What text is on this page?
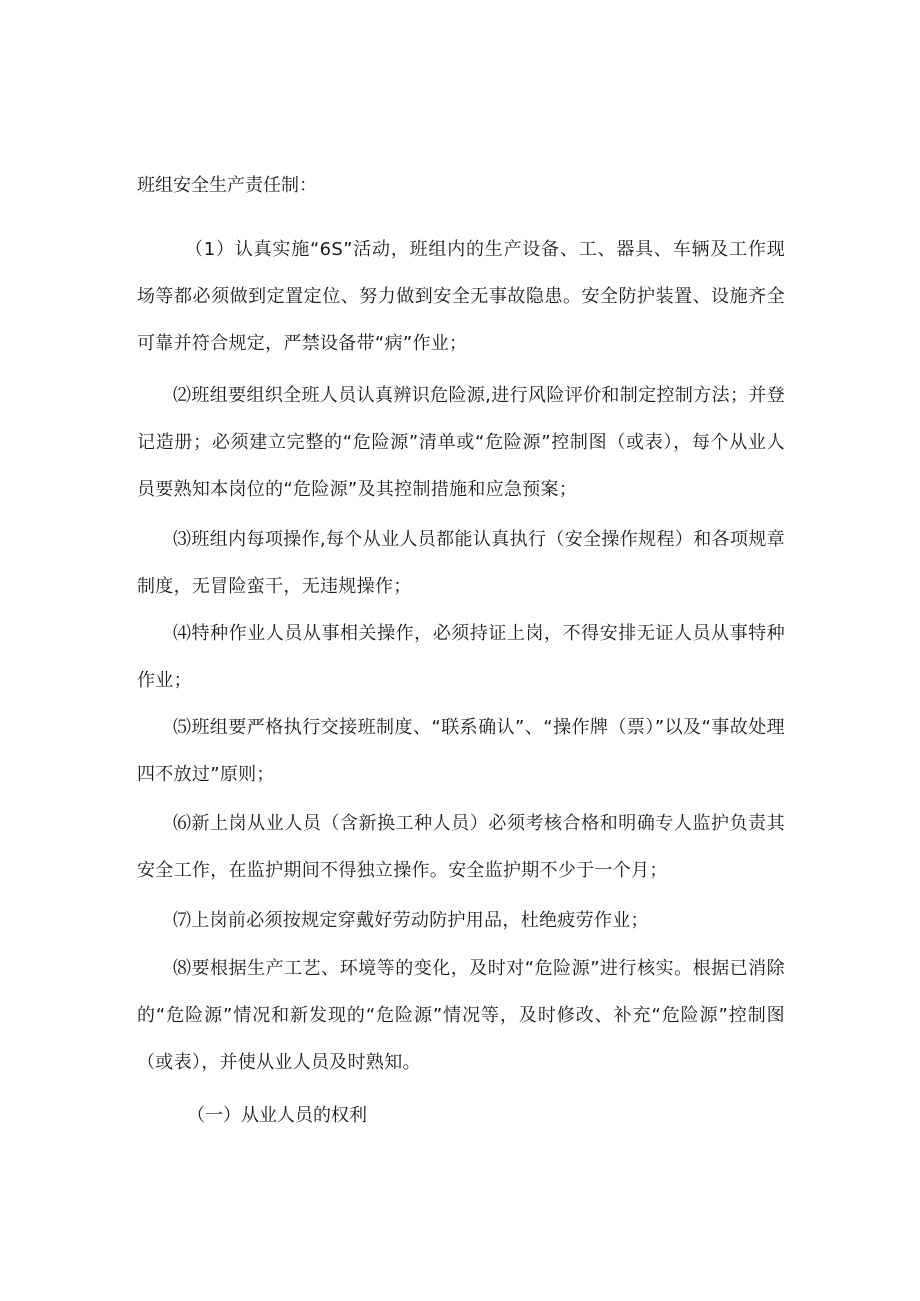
班组安全生产责任制：

（1）认真实施“6S”活动，班组内的生产设备、工、器具、车辆及工作现场等都必须做到定置定位、努力做到安全无事故隐患。安全防护装置、设施齐全可靠并符合规定，严禁设备带“病”作业；

⑵班组要组织全班人员认真辨识危险源,进行风险评价和制定控制方法；并登记造册；必须建立完整的“危险源”清单或“危险源”控制图（或表），每个从业人员要熟知本岗位的“危险源”及其控制措施和应急预案；

⑶班组内每项操作,每个从业人员都能认真执行（安全操作规程）和各项规章制度，无冒险蛮干，无违规操作；

⑷特种作业人员从事相关操作，必须持证上岗，不得安排无证人员从事特种作业；

⑸班组要严格执行交接班制度、“联系确认”、“操作牌（票）”以及“事故处理四不放过”原则；

⑹新上岗从业人员（含新换工种人员）必须考核合格和明确专人监护负责其安全工作，在监护期间不得独立操作。安全监护期不少于一个月；

⑺上岗前必须按规定穿戴好劳动防护用品，杜绝疲劳作业；

⑻要根据生产工艺、环境等的变化，及时对“危险源”进行核实。根据已消除的“危险源”情况和新发现的“危险源”情况等，及时修改、补充“危险源”控制图（或表），并使从业人员及时熟知。

（一）从业人员的权利
